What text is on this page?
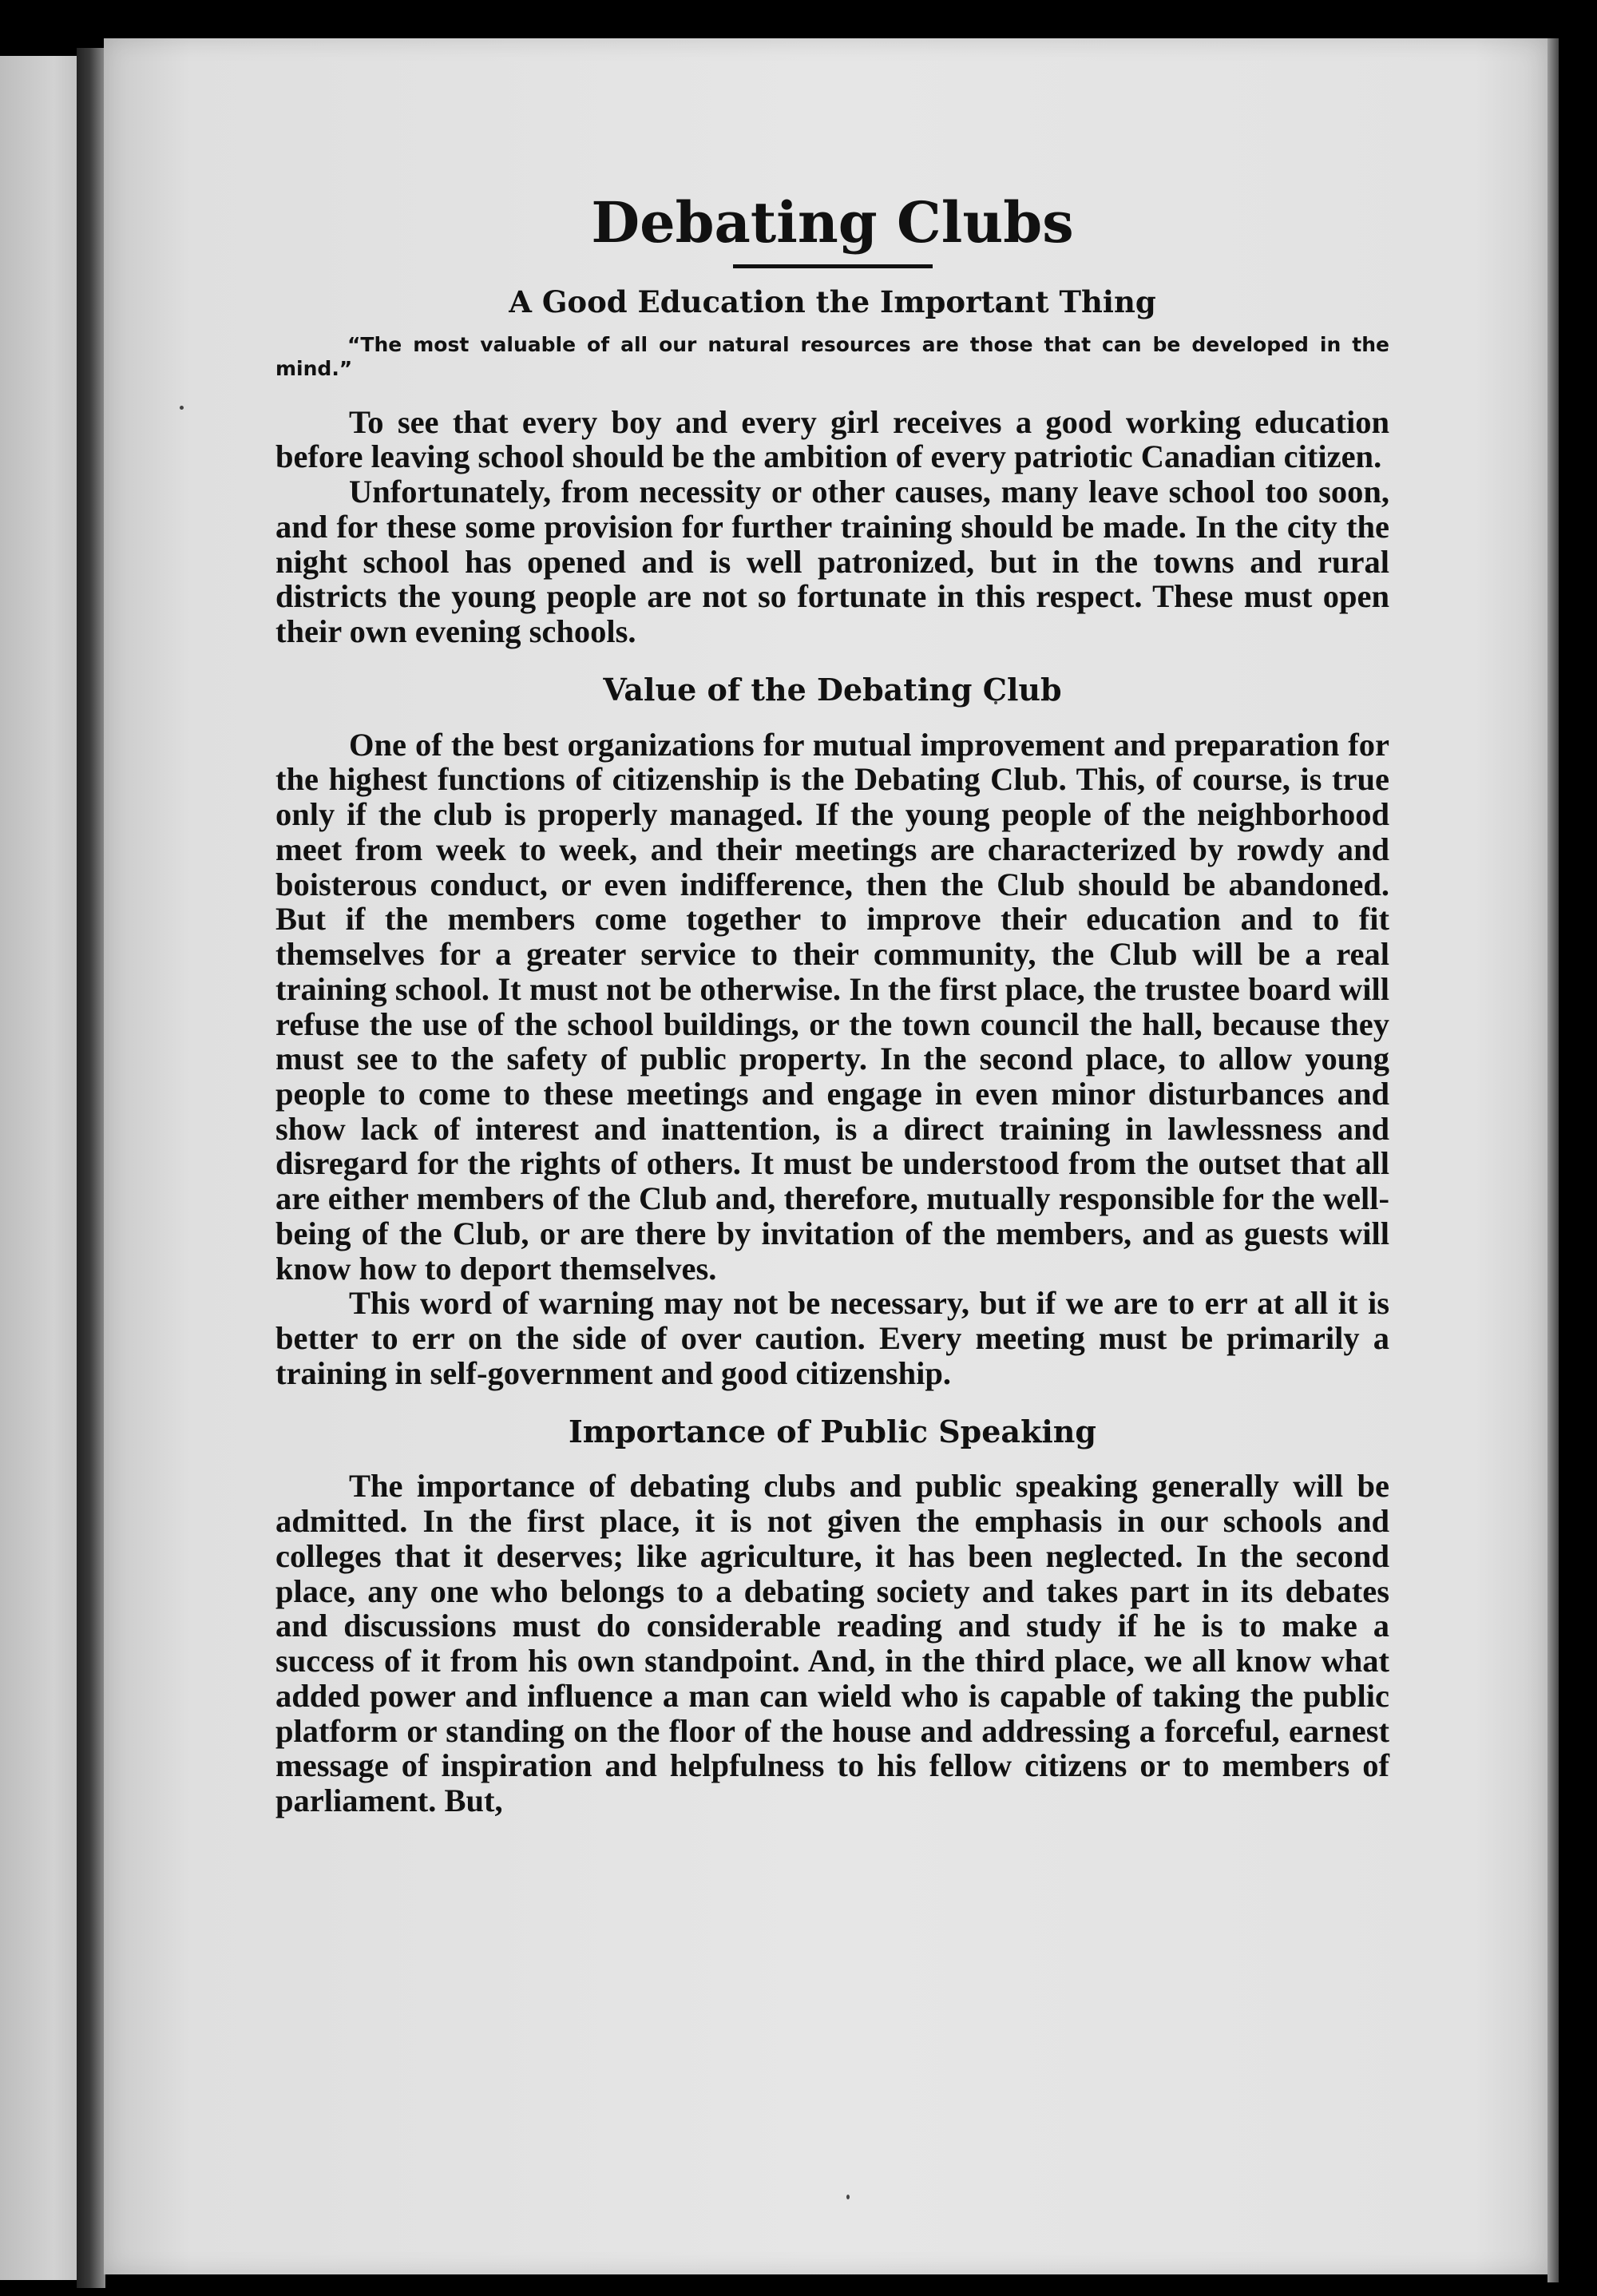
Debating Clubs
A Good Education the Important Thing

“The most valuable of all our natural resources are those that can be developed in the mind.”

To see that every boy and every girl receives a good working education before leaving school should be the ambition of every patriotic Canadian citizen.

Unfortunately, from necessity or other causes, many leave school too soon, and for these some provision for further training should be made. In the city the night school has opened and is well patronized, but in the towns and rural districts the young people are not so fortunate in this respect. These must open their own evening schools.

Value of the Debating Club

One of the best organizations for mutual improvement and preparation for the highest functions of citizenship is the Debating Club. This, of course, is true only if the club is properly managed. If the young people of the neighborhood meet from week to week, and their meetings are characterized by rowdy and boisterous conduct, or even indifference, then the Club should be abandoned. But if the members come together to improve their education and to fit themselves for a greater service to their community, the Club will be a real training school. It must not be otherwise. In the first place, the trustee board will refuse the use of the school buildings, or the town council the hall, because they must see to the safety of public property. In the second place, to allow young people to come to these meetings and engage in even minor disturbances and show lack of interest and inattention, is a direct training in lawlessness and disregard for the rights of others. It must be understood from the outset that all are either members of the Club and, therefore, mutually responsible for the well-being of the Club, or are there by invitation of the members, and as guests will know how to deport themselves.

This word of warning may not be necessary, but if we are to err at all it is better to err on the side of over caution. Every meeting must be primarily a training in self-government and good citizenship.

Importance of Public Speaking

The importance of debating clubs and public speaking generally will be admitted. In the first place, it is not given the emphasis in our schools and colleges that it deserves; like agriculture, it has been neglected. In the second place, any one who belongs to a debating society and takes part in its debates and discussions must do considerable reading and study if he is to make a success of it from his own standpoint. And, in the third place, we all know what added power and influence a man can wield who is capable of taking the public platform or standing on the floor of the house and addressing a forceful, earnest message of inspiration and helpfulness to his fellow citizens or to members of parliament. But,
